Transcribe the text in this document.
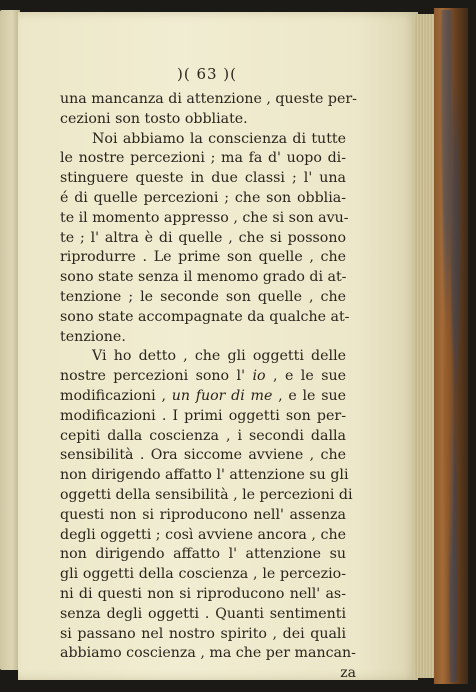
)( 63 )(
una mancanza di attenzione , queste per-
cezioni son tosto obbliate.
Noi abbiamo la conscienza di tutte
le nostre percezioni ; ma fa d' uopo di-
stinguere queste in due classi ; l' una
é di quelle percezioni ; che son obblia-
te il momento appresso , che si son avu-
te ; l' altra è di quelle , che si possono
riprodurre . Le prime son quelle , che
sono state senza il menomo grado di at-
tenzione ; le seconde son quelle , che
sono state accompagnate da qualche at-
tenzione.
Vi ho detto , che gli oggetti delle
nostre percezioni sono l' io , e le sue
modificazioni , un fuor di me , e le sue
modificazioni . I primi oggetti son per-
cepiti dalla coscienza , i secondi dalla
sensibilità . Ora siccome avviene , che
non dirigendo affatto l' attenzione su gli
oggetti della sensibilità , le percezioni di
questi non si riproducono nell' assenza
degli oggetti ; così avviene ancora , che
non dirigendo affatto l' attenzione su
gli oggetti della coscienza , le percezio-
ni di questi non si riproducono nell' as-
senza degli oggetti . Quanti sentimenti
si passano nel nostro spirito , dei quali
abbiamo coscienza , ma che per mancan-
za
